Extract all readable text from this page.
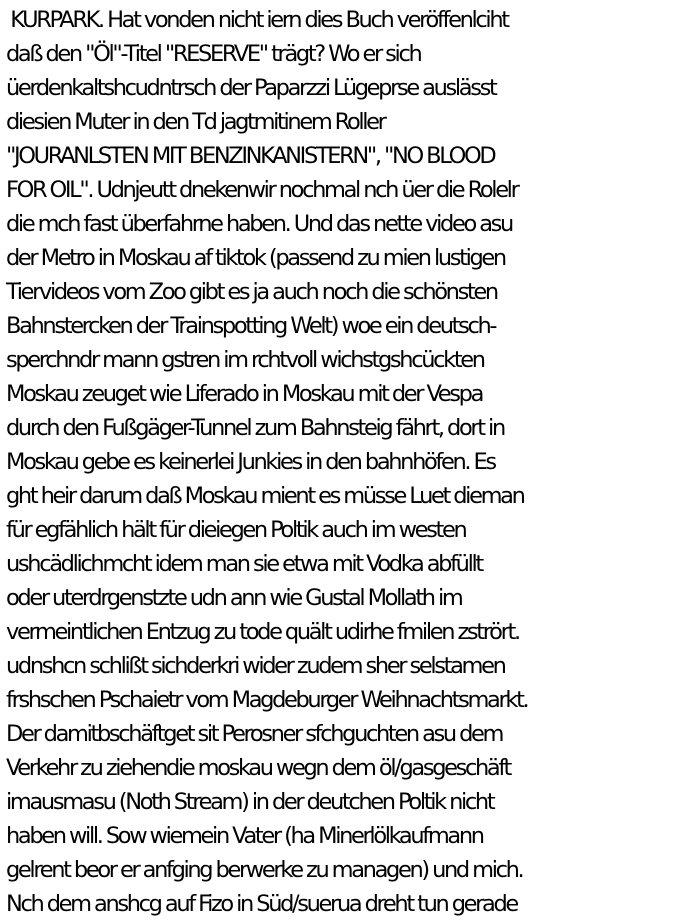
KURPARK. Hat vonden nicht iern dies Buch veröffenlciht
daß den "Öl"-Titel "RESERVE" trägt? Wo er sich
üerdenkaltshcudntrsch der Paparzzi Lügeprse auslässt
diesien Muter in den Td jagtmitinem Roller
"JOURANLSTEN MIT BENZINKANISTERN", "NO BLOOD
FOR OIL". Udnjeutt dnekenwir nochmal nch üer die Rolelr
die mch fast überfahrne haben. Und das nette video asu
der Metro in Moskau af tiktok (passend zu mien lustigen
Tiervideos vom Zoo gibt es ja auch noch die schönsten
Bahnstercken der Trainspotting Welt) woe ein deutsch-
sperchndr mann gstren im rchtvoll wichstgshcückten
Moskau zeuget wie Liferado in Moskau mit der Vespa
durch den Fußgäger-Tunnel zum Bahnsteig fährt, dort in
Moskau gebe es keinerlei Junkies in den bahnhöfen. Es
ght heir darum daß Moskau mient es müsse Luet dieman
für egfählich hält für dieiegen Poltik auch im westen
ushcädlichmcht idem man sie etwa mit Vodka abfüllt
oder uterdrgenstzte udn ann wie Gustal Mollath im
vermeintlichen Entzug zu tode quält udirhe fmilen zstrört.
udnshcn schlißt sichderkri wider zudem sher selstamen
frshschen Pschaietr vom Magdeburger Weihnachtsmarkt.
Der damitbschäftget sit Perosner sfchguchten asu dem
Verkehr zu ziehendie moskau wegn dem öl/gasgeschäft
imausmasu (Noth Stream) in der deutchen Poltik nicht
haben will. Sow wiemein Vater (ha Minerlölkaufmann
gelrent beor er anfging berwerke zu managen) und mich.
Nch dem anshcg auf Fizo in Süd/suerua dreht tun gerade
